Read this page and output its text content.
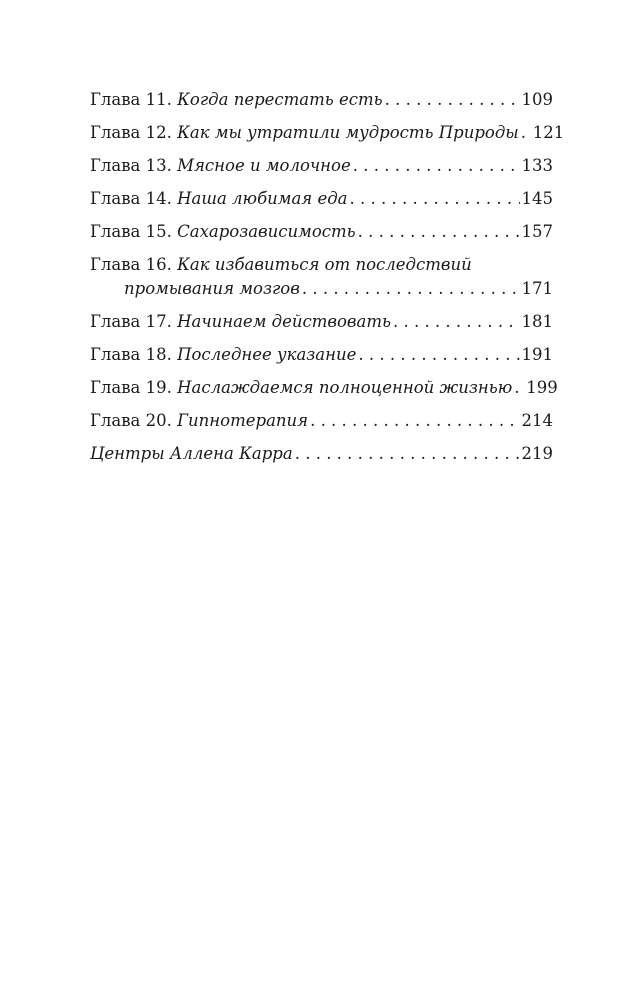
Глава 11. Когда перестать есть . . .	109
Глава 12. Как мы утратили мудрость Природы . . . 121
Глава 13. Мясное и молочное . . .	133
Глава 14. Наша любимая еда . . .	145
Глава 15. Сахарозависимость . . .	157
Глава 16. Как избавиться от последствий
промывания мозгов . . .	171
Глава 17. Начинаем действовать . . .	181
Глава 18. Последнее указание . . .	191
Глава 19. Наслаждаемся полноценной жизнью . . . 199
Глава 20. Гипнотерапия . . .	214
Центры Аллена Карра . . .	219
